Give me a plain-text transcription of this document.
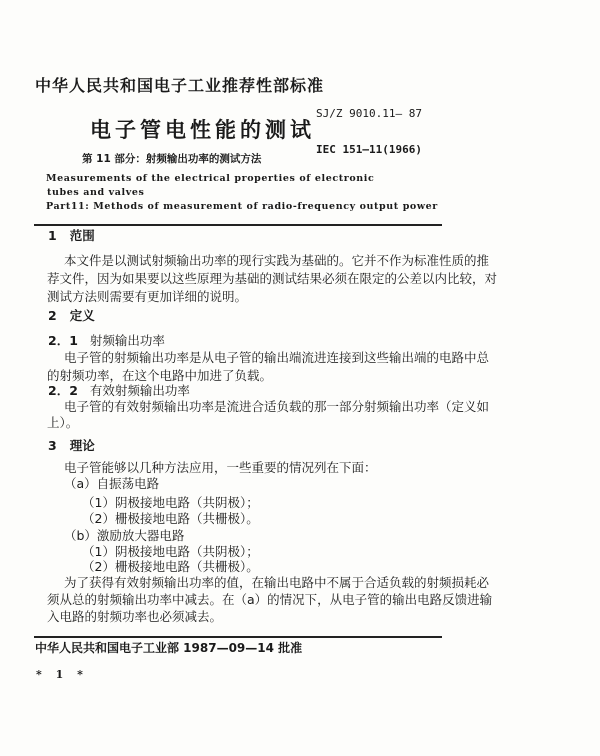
中华人民共和国电子工业推荐性部标准
SJ/Z 9010.11— 87
电子管电性能的测试
IEC 151—11(1966)
第 11 部分：射频输出功率的测试方法
Measurements of the electrical properties of electronic
tubes and valves
Part11: Methods of measurement of radio-frequency output power
1 范围
本文件是以测试射频输出功率的现行实践为基础的。它并不作为标准性质的推
荐文件，因为如果要以这些原理为基础的测试结果必须在限定的公差以内比较，对
测试方法则需要有更加详细的说明。
2 定义
2．1 射频输出功率
电子管的射频输出功率是从电子管的输出端流进连接到这些输出端的电路中总
的射频功率，在这个电路中加进了负载。
2．2 有效射频输出功率
电子管的有效射频输出功率是流进合适负载的那一部分射频输出功率（定义如
上）。
3 理论
电子管能够以几种方法应用，一些重要的情况列在下面：
（a）自振荡电路
（1）阴极接地电路（共阴极）；
（2）栅极接地电路（共栅极）。
（b）激励放大器电路
（1）阴极接地电路（共阴极）；
（2）栅极接地电路（共栅极）。
为了获得有效射频输出功率的值，在输出电路中不属于合适负载的射频损耗必
须从总的射频输出功率中减去。在（a）的情况下，从电子管的输出电路反馈进输
入电路的射频功率也必须减去。
中华人民共和国电子工业部 1987—09—14 批准
* 1 *
